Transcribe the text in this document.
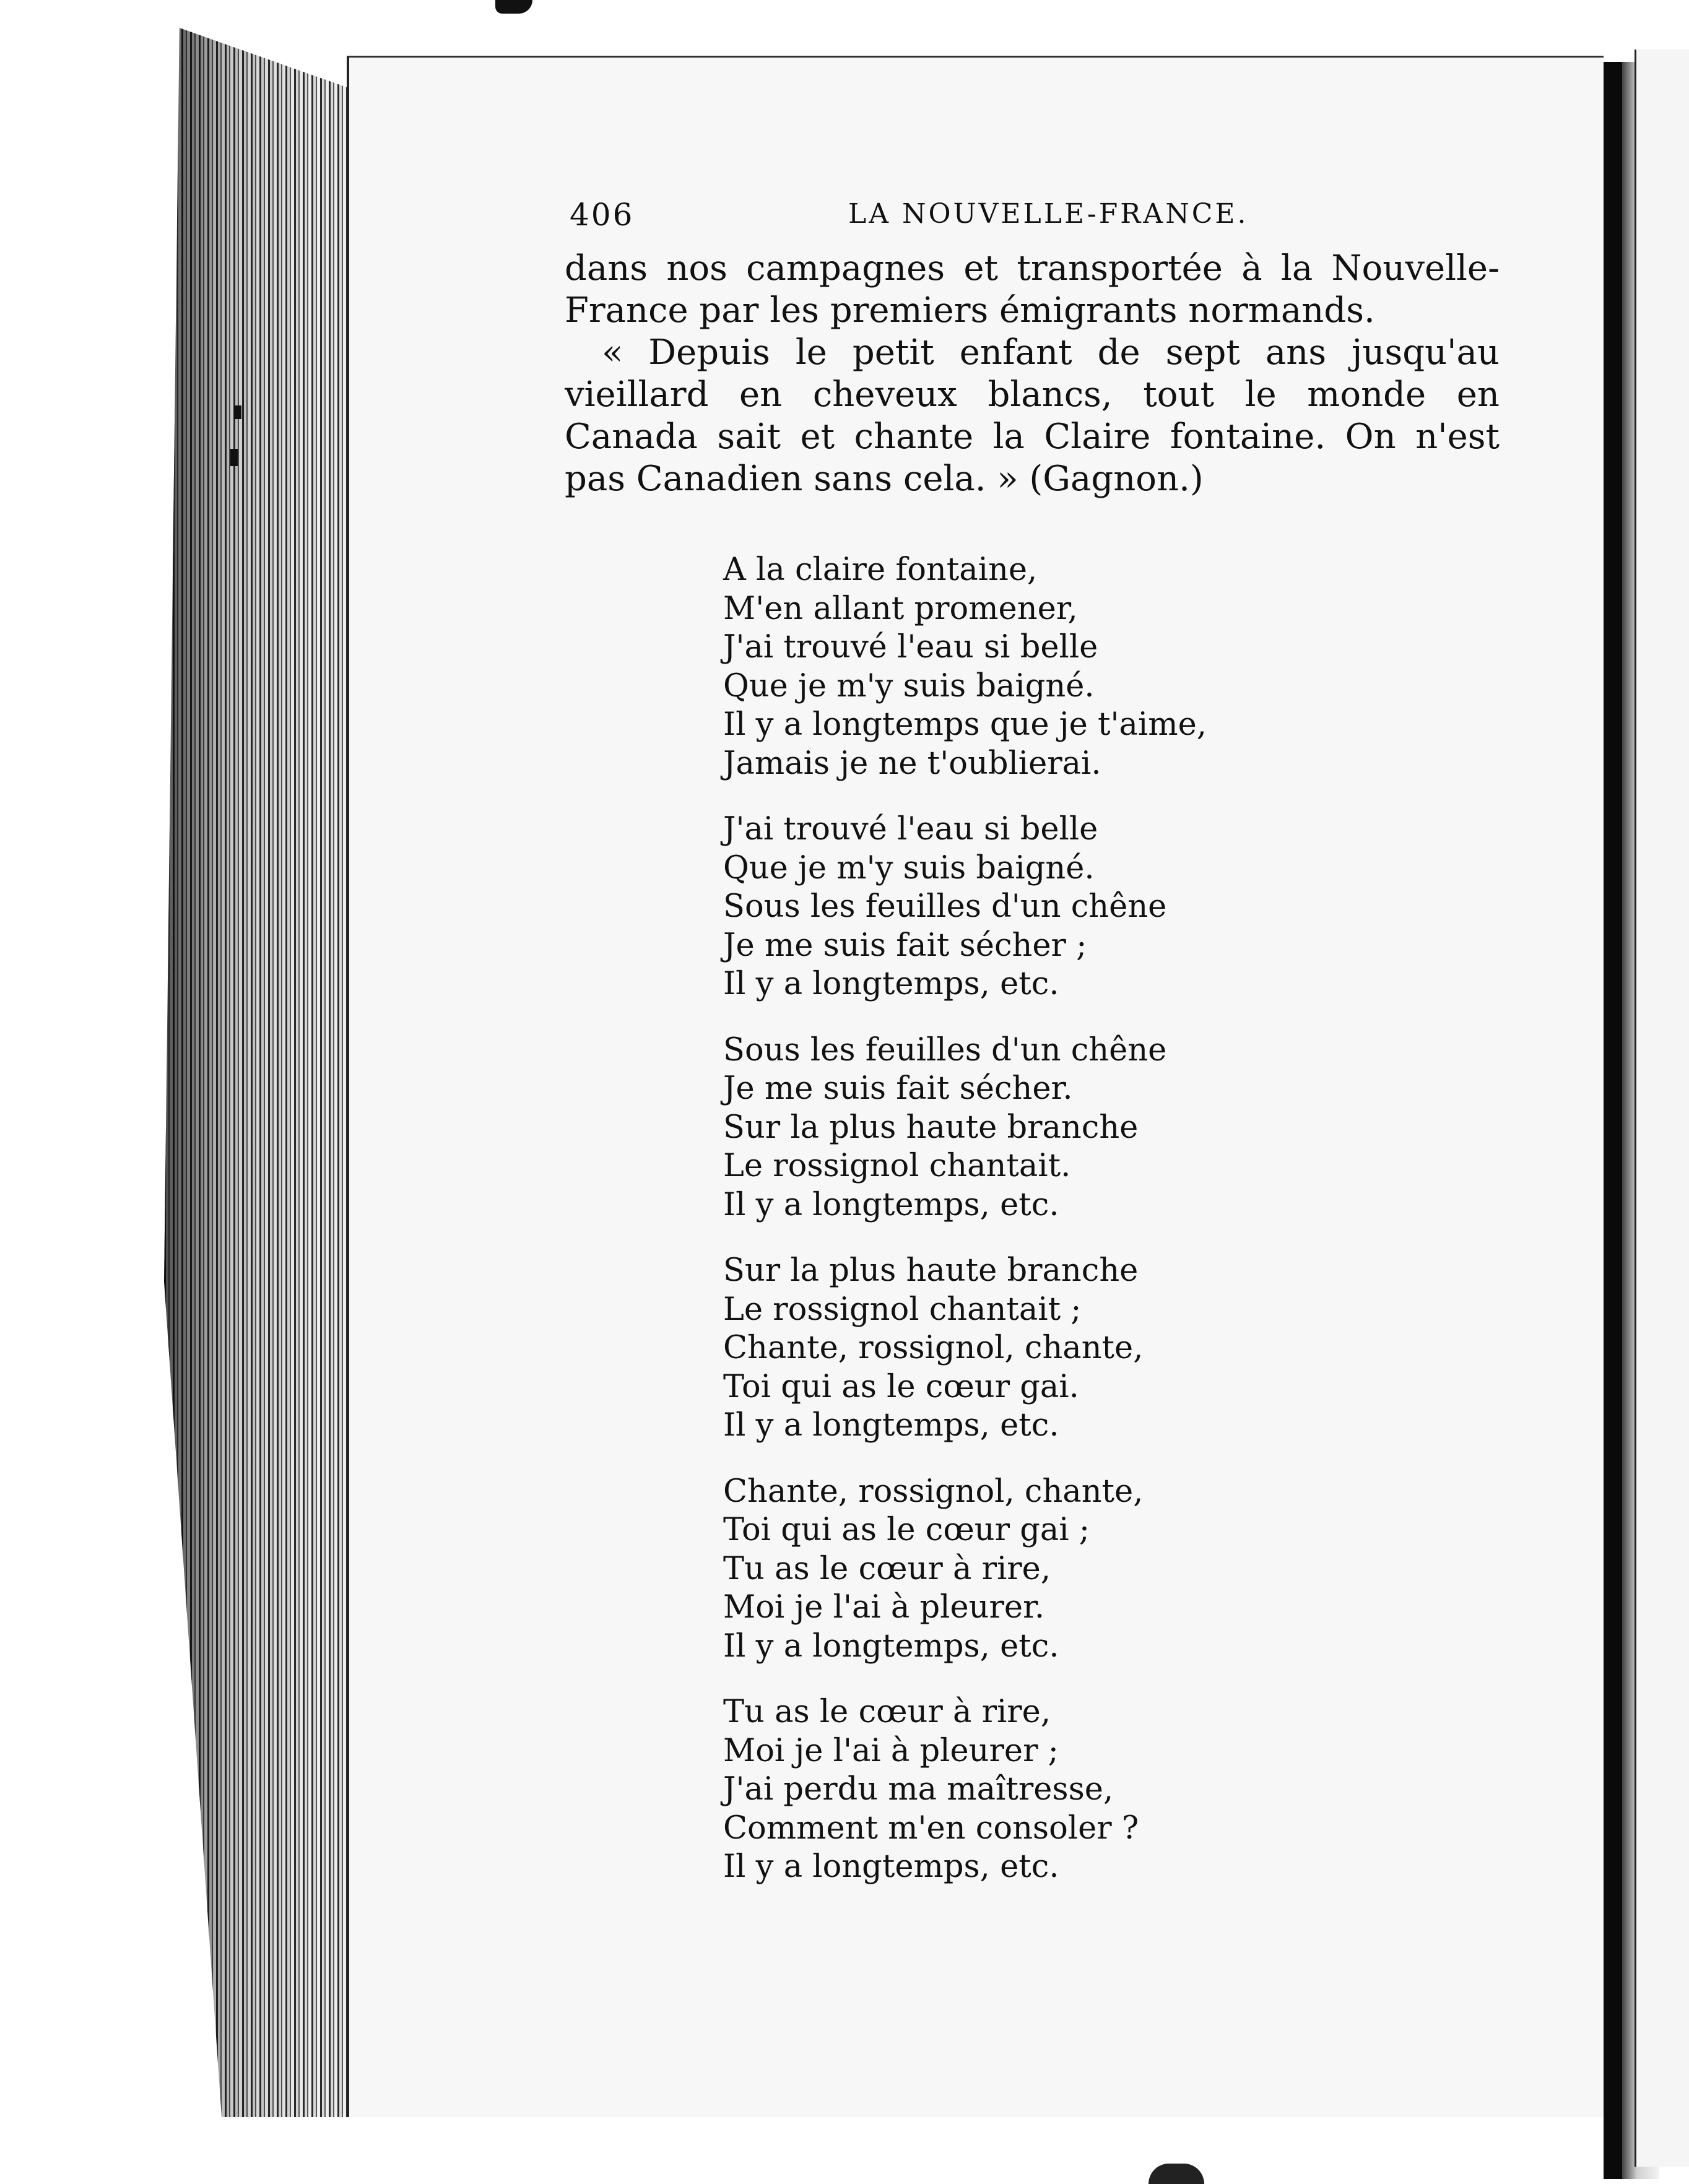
406	LA NOUVELLE-FRANCE.

dans nos campagnes et transportée à la Nouvelle-France par les premiers émigrants normands.

« Depuis le petit enfant de sept ans jusqu'au vieillard en cheveux blancs, tout le monde en Canada sait et chante la Claire fontaine. On n'est pas Canadien sans cela. » (Gagnon.)

A la claire fontaine,
M'en allant promener,
J'ai trouvé l'eau si belle
Que je m'y suis baigné.
Il y a longtemps que je t'aime,
Jamais je ne t'oublierai.
J'ai trouvé l'eau si belle
Que je m'y suis baigné.
Sous les feuilles d'un chêne
Je me suis fait sécher ;
Il y a longtemps, etc.
Sous les feuilles d'un chêne
Je me suis fait sécher.
Sur la plus haute branche
Le rossignol chantait.
Il y a longtemps, etc.
Sur la plus haute branche
Le rossignol chantait ;
Chante, rossignol, chante,
Toi qui as le cœur gai.
Il y a longtemps, etc.
Chante, rossignol, chante,
Toi qui as le cœur gai ;
Tu as le cœur à rire,
Moi je l'ai à pleurer.
Il y a longtemps, etc.
Tu as le cœur à rire,
Moi je l'ai à pleurer ;
J'ai perdu ma maîtresse,
Comment m'en consoler ?
Il y a longtemps, etc.
